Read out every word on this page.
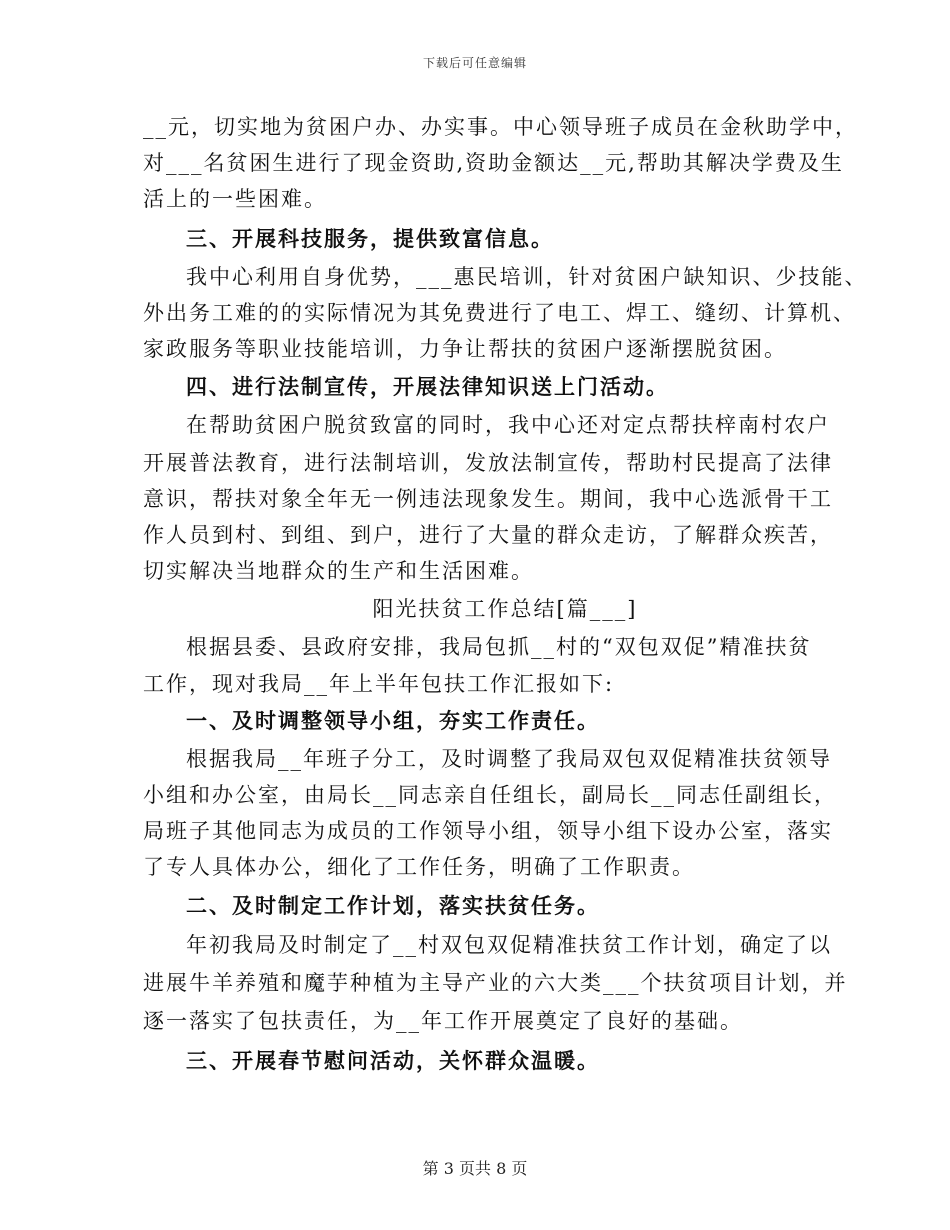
下载后可任意编辑
__元，切实地为贫困户办、办实事。中心领导班子成员在金秋助学中，
对___名贫困生进行了现金资助,资助金额达__元,帮助其解决学费及生
活上的一些困难。
三、开展科技服务，提供致富信息。
我中心利用自身优势，___惠民培训，针对贫困户缺知识、少技能、
外出务工难的的实际情况为其免费进行了电工、焊工、缝纫、计算机、
家政服务等职业技能培训，力争让帮扶的贫困户逐渐摆脱贫困。
四、进行法制宣传，开展法律知识送上门活动。
在帮助贫困户脱贫致富的同时，我中心还对定点帮扶梓南村农户
开展普法教育，进行法制培训，发放法制宣传，帮助村民提高了法律
意识，帮扶对象全年无一例违法现象发生。期间，我中心选派骨干工
作人员到村、到组、到户，进行了大量的群众走访，了解群众疾苦，
切实解决当地群众的生产和生活困难。
阳光扶贫工作总结[篇___]
根据县委、县政府安排，我局包抓__村的“双包双促”精准扶贫
工作，现对我局__年上半年包扶工作汇报如下:
一、及时调整领导小组，夯实工作责任。
根据我局__年班子分工，及时调整了我局双包双促精准扶贫领导
小组和办公室，由局长__同志亲自任组长，副局长__同志任副组长，
局班子其他同志为成员的工作领导小组，领导小组下设办公室，落实
了专人具体办公，细化了工作任务，明确了工作职责。
二、及时制定工作计划，落实扶贫任务。
年初我局及时制定了__村双包双促精准扶贫工作计划，确定了以
进展牛羊养殖和魔芋种植为主导产业的六大类___个扶贫项目计划，并
逐一落实了包扶责任，为__年工作开展奠定了良好的基础。
三、开展春节慰问活动，关怀群众温暖。
第 3 页共 8 页
